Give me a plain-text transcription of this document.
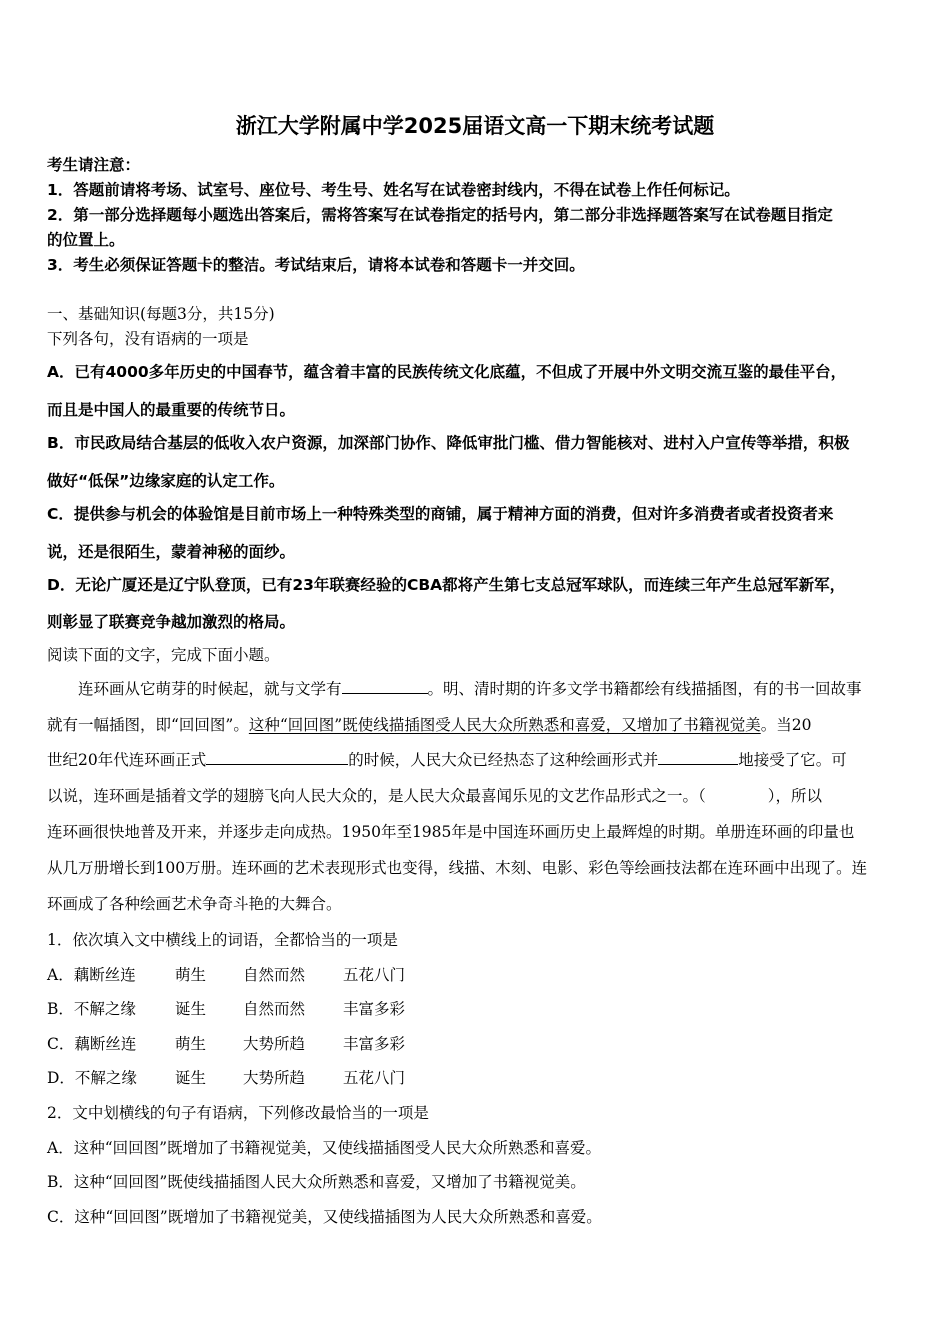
浙江大学附属中学2025届语文高一下期末统考试题
考生请注意：
1．答题前请将考场、试室号、座位号、考生号、姓名写在试卷密封线内，不得在试卷上作任何标记。
2．第一部分选择题每小题选出答案后，需将答案写在试卷指定的括号内，第二部分非选择题答案写在试卷题目指定
的位置上。
3．考生必须保证答题卡的整洁。考试结束后，请将本试卷和答题卡一并交回。
一、基础知识(每题3分，共15分)
下列各句，没有语病的一项是
A．已有4000多年历史的中国春节，蕴含着丰富的民族传统文化底蕴，不但成了开展中外文明交流互鉴的最佳平台，
而且是中国人的最重要的传统节日。
B．市民政局结合基层的低收入农户资源，加深部门协作、降低审批门槛、借力智能核对、进村入户宣传等举措，积极
做好“低保”边缘家庭的认定工作。
C．提供参与机会的体验馆是目前市场上一种特殊类型的商铺，属于精神方面的消费，但对许多消费者或者投资者来
说，还是很陌生，蒙着神秘的面纱。
D．无论广厦还是辽宁队登顶，已有23年联赛经验的CBA都将产生第七支总冠军球队，而连续三年产生总冠军新军，
则彰显了联赛竞争越加激烈的格局。
阅读下面的文字，完成下面小题。
连环画从它萌芽的时候起，就与文学有	。明、清时期的许多文学书籍都绘有线描插图，有的书一回故事
就有一幅插图，即“回回图”。这种“回回图”既使线描插图受人民大众所熟悉和喜爱，又增加了书籍视觉美。当20
世纪20年代连环画正式	的时候，人民大众已经热态了这种绘画形式并	地接受了它。可
以说，连环画是插着文学的翅膀飞向人民大众的，是人民大众最喜闻乐见的文艺作品形式之一。（	），所以
连环画很快地普及开来，并逐步走向成热。1950年至1985年是中国连环画历史上最辉煌的时期。单册连环画的印量也
从几万册增长到100万册。连环画的艺术表现形式也变得，线描、木刻、电影、彩色等绘画技法都在连环画中出现了。连
环画成了各种绘画艺术争奇斗艳的大舞合。
1．依次填入文中横线上的词语，全都恰当的一项是
A．藕断丝连	萌生 自然而然 五花八门
B．不解之缘	诞生 自然而然 丰富多彩
C．藕断丝连 萌生 大势所趋 丰富多彩
D．不解之缘 诞生 大势所趋 五花八门
2．文中划横线的句子有语病，下列修改最恰当的一项是
A．这种“回回图”既增加了书籍视觉美，又使线描插图受人民大众所熟悉和喜爱。
B．这种“回回图”既使线描插图人民大众所熟悉和喜爱，又增加了书籍视觉美。
C．这种“回回图”既增加了书籍视觉美，又使线描插图为人民大众所熟悉和喜爱。
